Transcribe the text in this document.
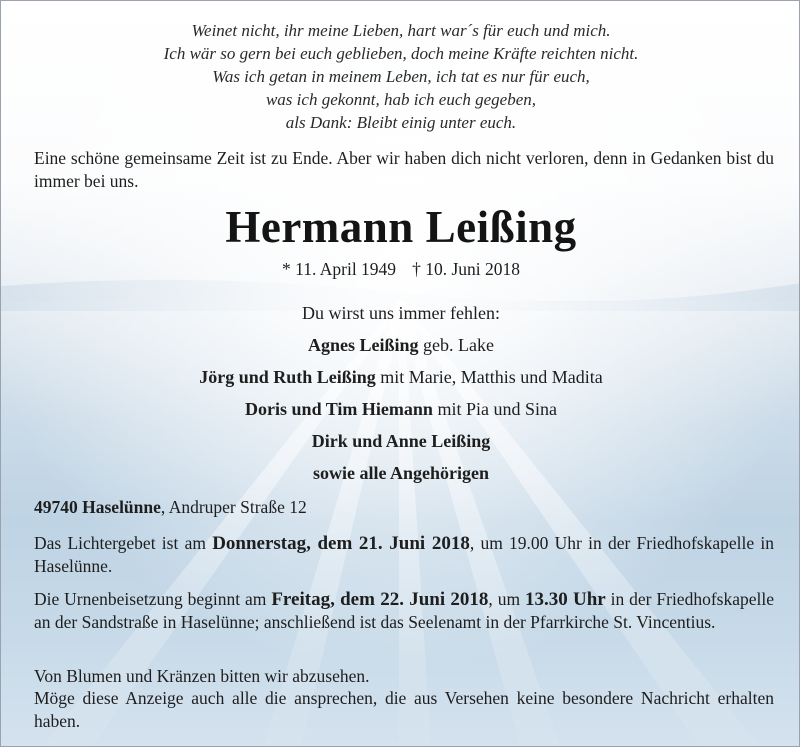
Weinet nicht, ihr meine Lieben, hart war´s für euch und mich.
Ich wär so gern bei euch geblieben, doch meine Kräfte reichten nicht.
Was ich getan in meinem Leben, ich tat es nur für euch,
was ich gekonnt, hab ich euch gegeben,
als Dank: Bleibt einig unter euch.
Eine schöne gemeinsame Zeit ist zu Ende. Aber wir haben dich nicht verloren, denn in Gedanken bist du immer bei uns.
Hermann Leißing
* 11. April 1949 † 10. Juni 2018
Du wirst uns immer fehlen:
Agnes Leißing geb. Lake
Jörg und Ruth Leißing mit Marie, Matthis und Madita
Doris und Tim Hiemann mit Pia und Sina
Dirk und Anne Leißing
sowie alle Angehörigen
49740 Haselünne, Andruper Straße 12
Das Lichtergebet ist am Donnerstag, dem 21. Juni 2018, um 19.00 Uhr in der Friedhofskapelle in Haselünne.
Die Urnenbeisetzung beginnt am Freitag, dem 22. Juni 2018, um 13.30 Uhr in der Friedhofskapelle an der Sandstraße in Haselünne; anschließend ist das Seelenamt in der Pfarrkirche St. Vincentius.
Von Blumen und Kränzen bitten wir abzusehen.
Möge diese Anzeige auch alle die ansprechen, die aus Versehen keine besondere Nachricht erhalten haben.
